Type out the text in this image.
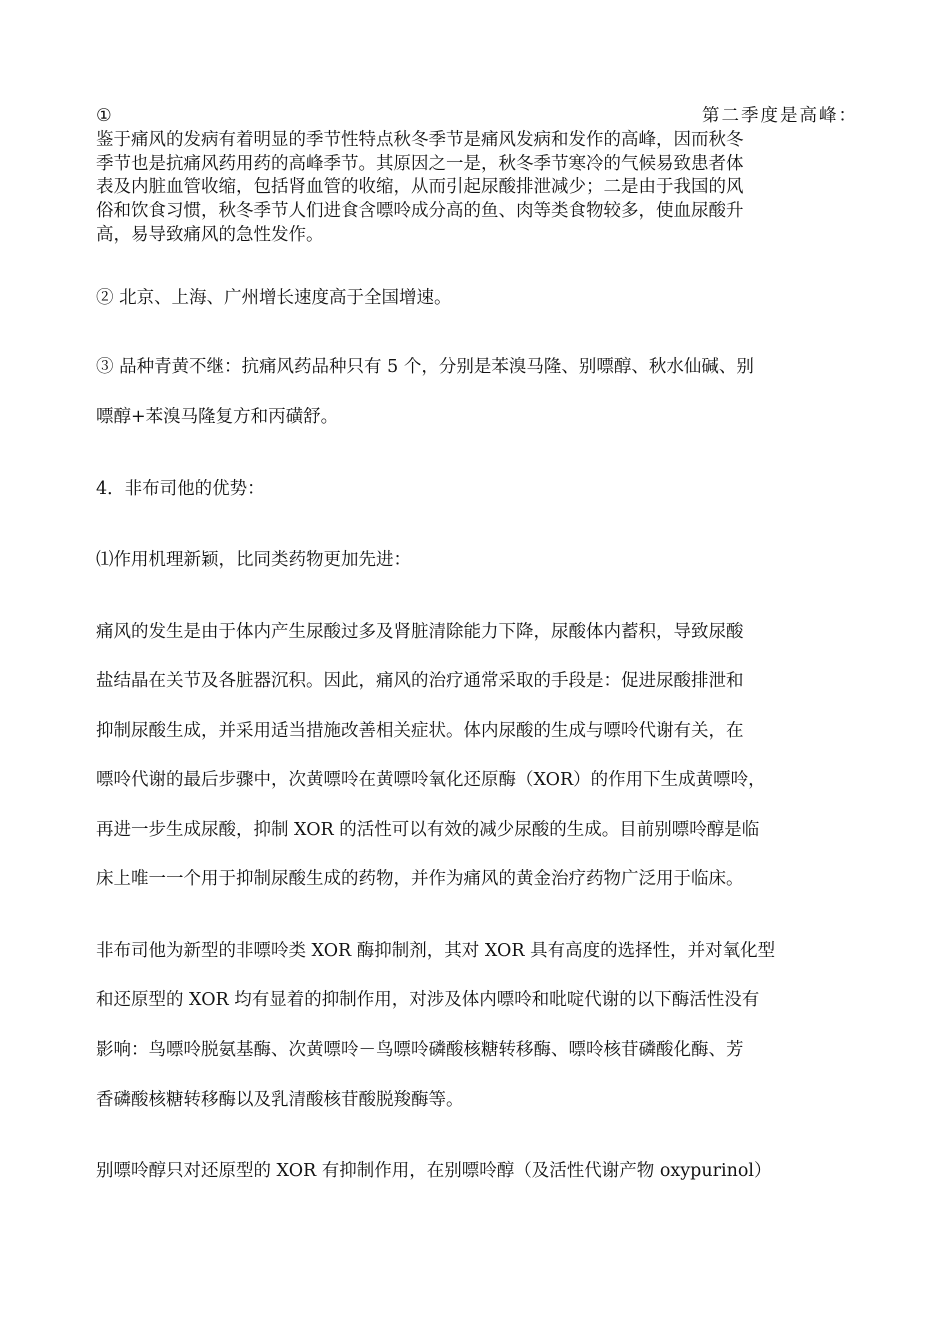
①	第二季度是高峰：
鉴于痛风的发病有着明显的季节性特点秋冬季节是痛风发病和发作的高峰，因而秋冬
季节也是抗痛风药用药的高峰季节。其原因之一是，秋冬季节寒冷的气候易致患者体
表及内脏血管收缩，包括肾血管的收缩，从而引起尿酸排泄减少；二是由于我国的风
俗和饮食习惯，秋冬季节人们进食含嘌呤成分高的鱼、肉等类食物较多，使血尿酸升
高，易导致痛风的急性发作。
② 北京、上海、广州增长速度高于全国增速。
③ 品种青黄不继：抗痛风药品种只有 5 个，分别是苯溴马隆、别嘌醇、秋水仙碱、别
嘌醇+苯溴马隆复方和丙磺舒。
4．非布司他的优势：
⑴作用机理新颖，比同类药物更加先进：
痛风的发生是由于体内产生尿酸过多及肾脏清除能力下降，尿酸体内蓄积，导致尿酸
盐结晶在关节及各脏器沉积。因此，痛风的治疗通常采取的手段是：促进尿酸排泄和
抑制尿酸生成，并采用适当措施改善相关症状。体内尿酸的生成与嘌呤代谢有关，在
嘌呤代谢的最后步骤中，次黄嘌呤在黄嘌呤氧化还原酶（XOR）的作用下生成黄嘌呤，
再进一步生成尿酸，抑制 XOR 的活性可以有效的减少尿酸的生成。目前别嘌呤醇是临
床上唯一一个用于抑制尿酸生成的药物，并作为痛风的黄金治疗药物广泛用于临床。
非布司他为新型的非嘌呤类 XOR 酶抑制剂，其对 XOR 具有高度的选择性，并对氧化型
和还原型的 XOR 均有显着的抑制作用，对涉及体内嘌呤和吡啶代谢的以下酶活性没有
影响：鸟嘌呤脱氨基酶、次黄嘌呤－鸟嘌呤磷酸核糖转移酶、嘌呤核苷磷酸化酶、芳
香磷酸核糖转移酶以及乳清酸核苷酸脱羧酶等。
别嘌呤醇只对还原型的 XOR 有抑制作用，在别嘌呤醇（及活性代谢产物 oxypurinol）
